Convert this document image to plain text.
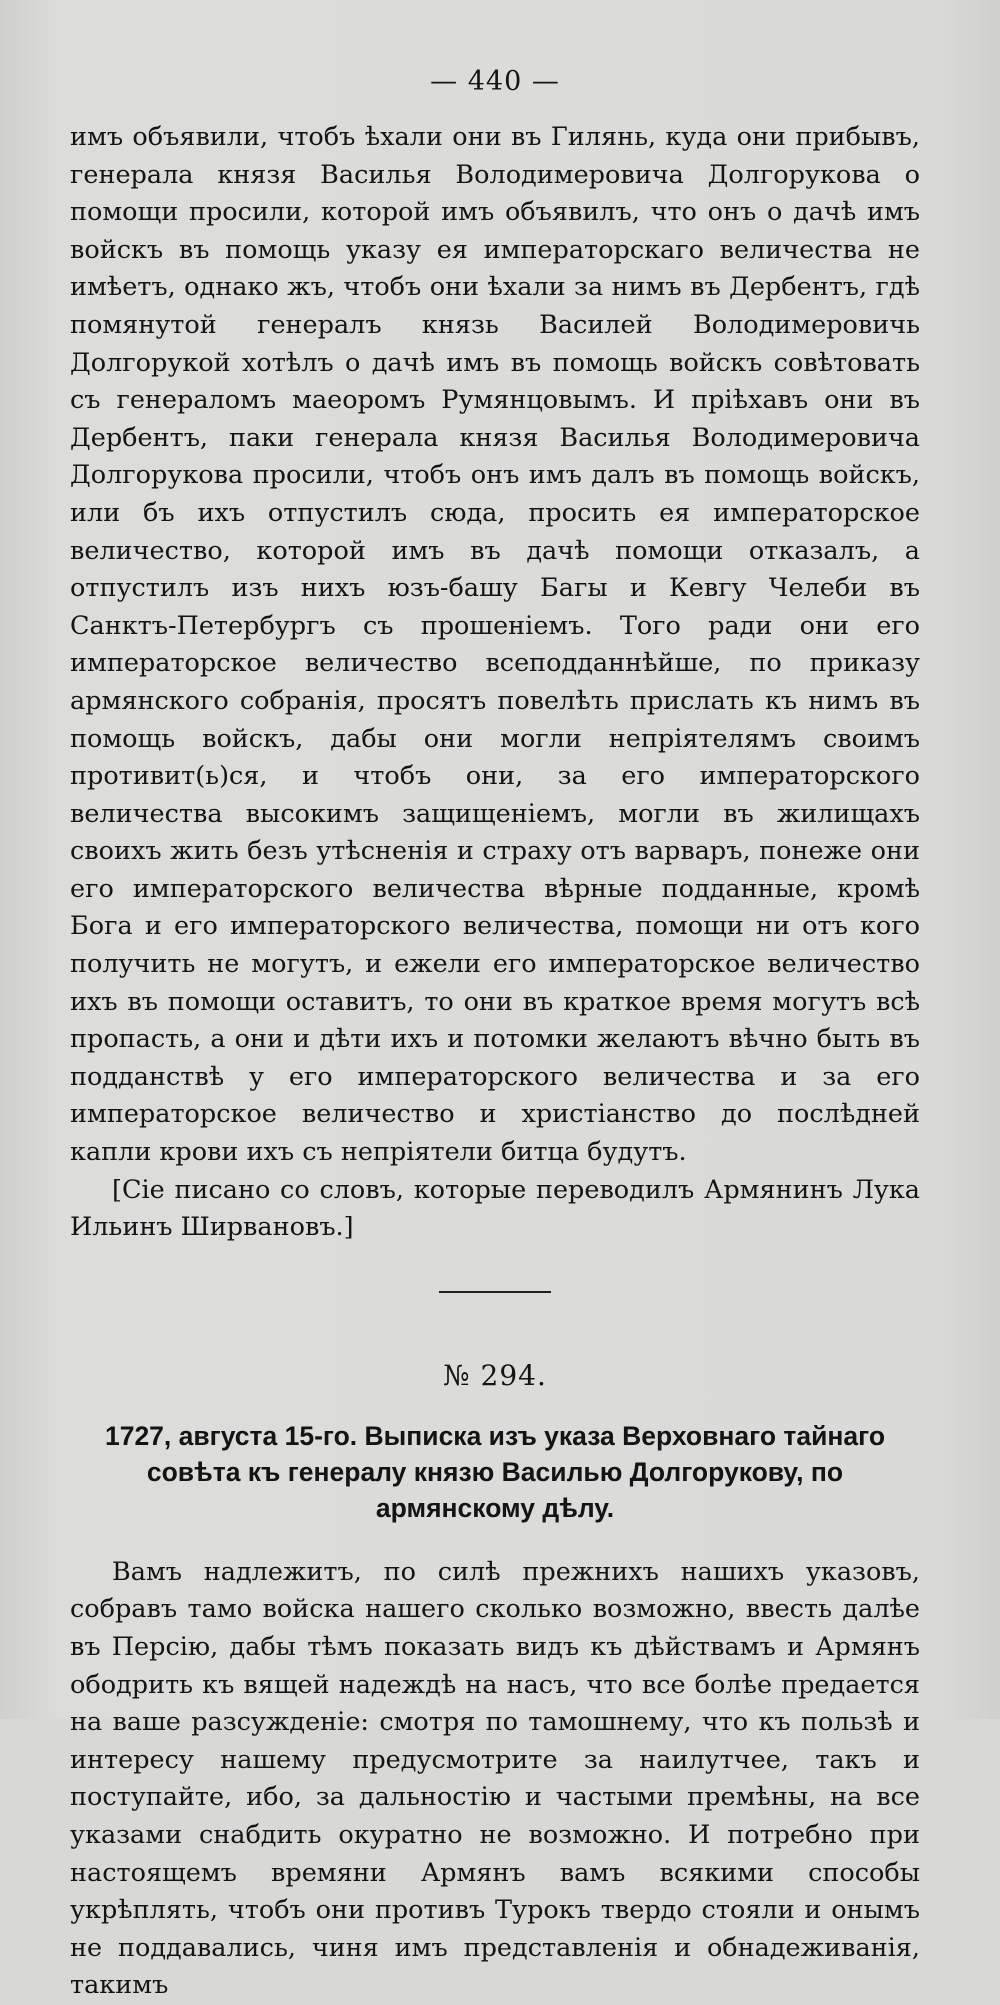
— 440 —

имъ объявили, чтобъ ѣхали они въ Гилянь, куда они прибывъ, генерала князя Василья Володимеровича Долгорукова о помощи просили, которой имъ объявилъ, что онъ о дачѣ имъ войскъ въ помощь указу ея императорскаго величества не имѣетъ, однако жъ, чтобъ они ѣхали за нимъ въ Дербентъ, гдѣ помянутой генералъ князь Василей Володимеровичь Долгорукой хотѣлъ о дачѣ имъ въ помощь войскъ совѣтовать съ генераломъ маеоромъ Румянцовымъ. И пріѣхавъ они въ Дербентъ, паки генерала князя Василья Володимеровича Долгорукова просили, чтобъ онъ имъ далъ въ помощь войскъ, или бъ ихъ отпустилъ сюда, просить ея императорское величество, которой имъ въ дачѣ помощи отказалъ, а отпустилъ изъ нихъ юзъ-башу Багы и Кевгу Челеби въ Санктъ-Петербургъ съ прошеніемъ. Того ради они его императорское величество всеподданнѣйше, по приказу армянского собранія, просятъ повелѣть прислать къ нимъ въ помощь войскъ, дабы они могли непріятелямъ своимъ противит(ь)ся, и чтобъ они, за его императорского величества высокимъ защищеніемъ, могли въ жилищахъ своихъ жить безъ утѣсненія и страху отъ варваръ, понеже они его императорского величества вѣрные подданные, кромѣ Бога и его императорского величества, помощи ни отъ кого получить не могутъ, и ежели его императорское величество ихъ въ помощи оставитъ, то они въ краткое время могутъ всѣ пропасть, а они и дѣти ихъ и потомки желаютъ вѣчно быть въ подданствѣ у его императорского величества и за его императорское величество и христіанство до послѣдней капли крови ихъ съ непріятели битца будутъ.

[Сіе писано со словъ, которые переводилъ Армянинъ Лука Ильинъ Ширвановъ.]

№ 294.
1727, августа 15-го. Выписка изъ указа Верховнаго тайнаго совѣта къ генералу князю Василью Долгорукову, по армянскому дѣлу.

Вамъ надлежитъ, по силѣ прежнихъ нашихъ указовъ, собравъ тамо войска нашего сколько возможно, ввесть далѣе въ Персію, дабы тѣмъ показать видъ къ дѣйствамъ и Армянъ ободрить къ вящей надеждѣ на насъ, что все болѣе предается на ваше разсужденіе: смотря по тамошнему, что къ пользѣ и интересу нашему предусмотрите за наилутчее, такъ и поступайте, ибо, за дальностію и частыми премѣны, на все указами снабдить окуратно не возможно. И потребно при настоящемъ времяни Армянъ вамъ всякими способы укрѣплять, чтобъ они противъ Турокъ твердо стояли и онымъ не поддавались, чиня имъ представленія и обнадеживанія, такимъ
